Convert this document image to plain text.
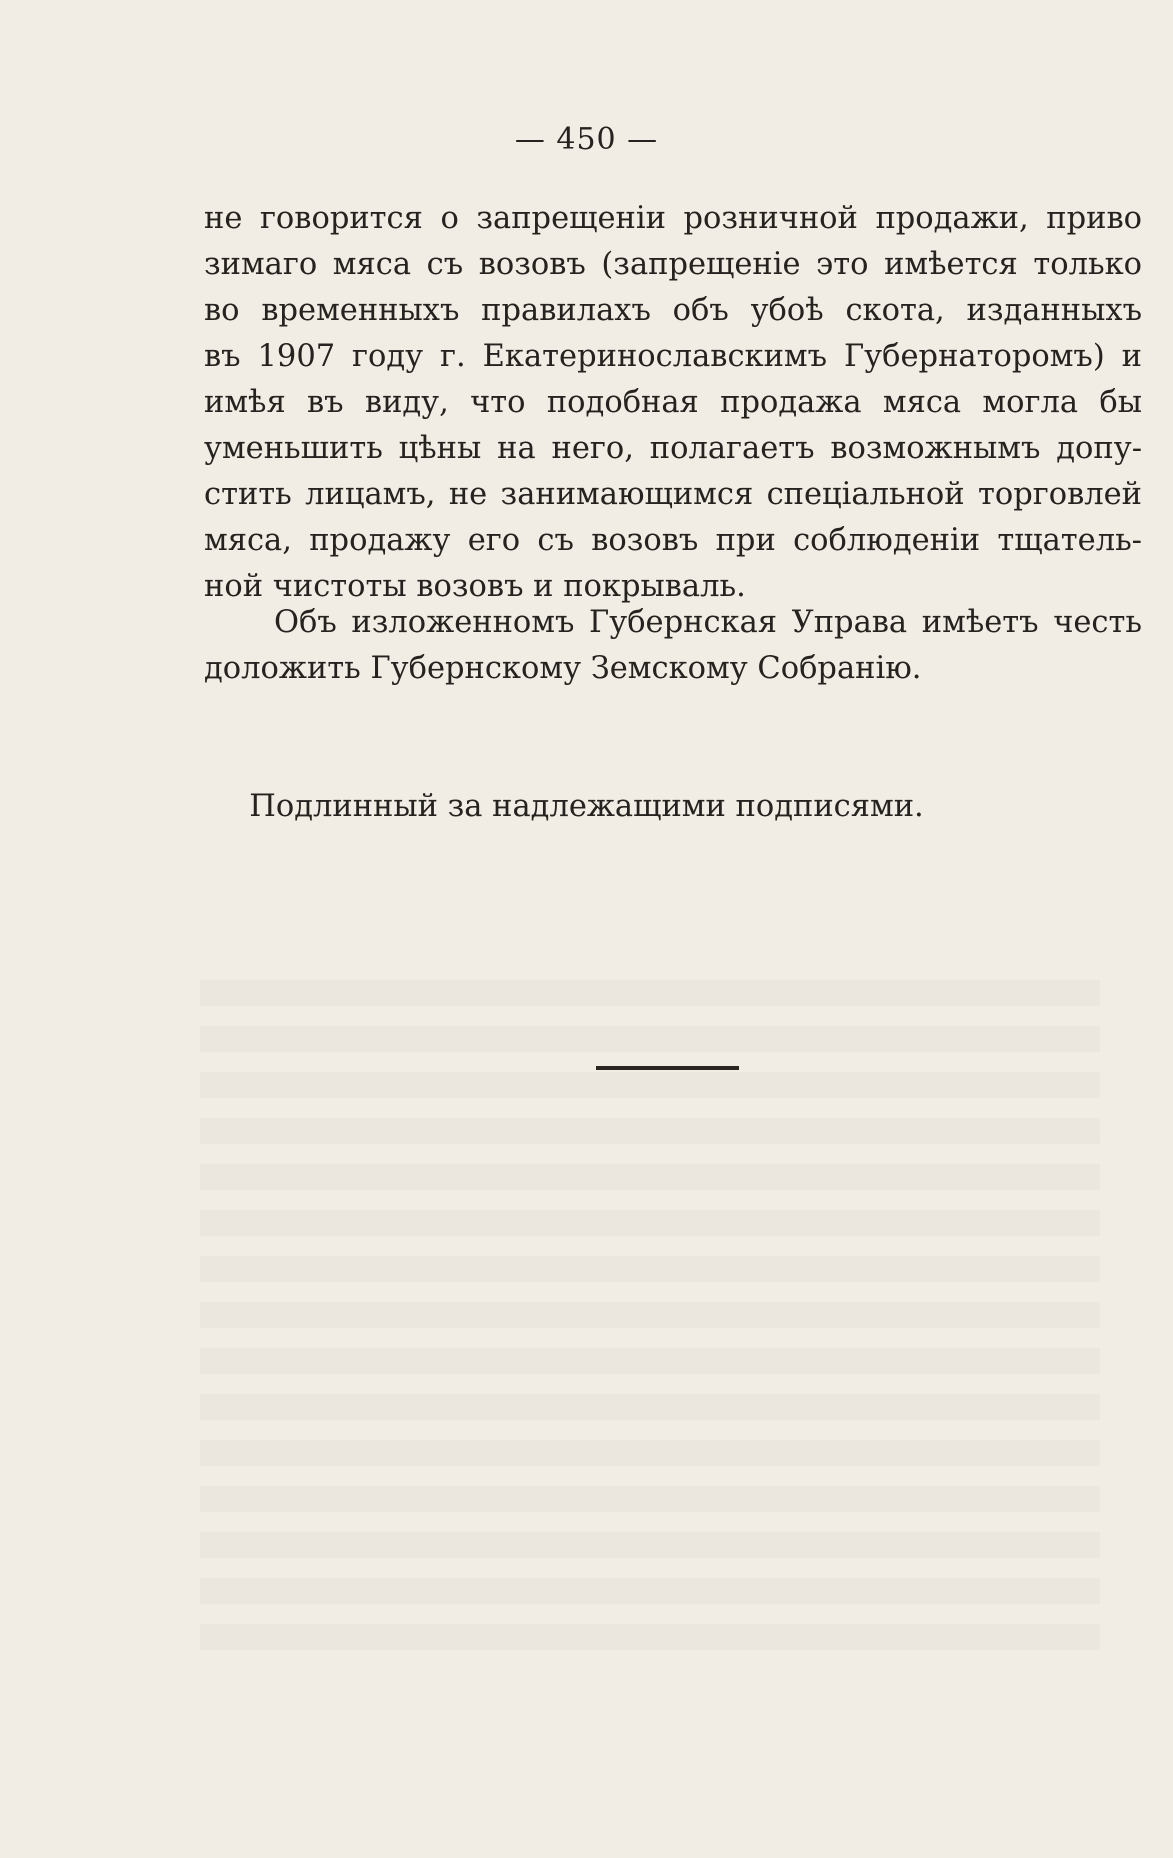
— 450 —
не говорится о запрещенiи розничной продажи, приво
зимаго мяса съ возовъ (запрещенiе это имѣется только
во временныхъ правилахъ объ убоѣ скота, изданныхъ
въ 1907 году г. Екатеринославскимъ Губернаторомъ) и
имѣя въ виду, что подобная продажа мяса могла бы
уменьшить цѣны на него, полагаетъ возможнымъ допу-
стить лицамъ, не занимающимся спецiальной торговлей
мяса, продажу его съ возовъ при соблюденiи тщатель-
ной чистоты возовъ и покрываль.
Объ изложенномъ Губернская Управа имѣетъ честь
доложить Губернскому Земскому Собранiю.
Подлинный за надлежащими подписями.
